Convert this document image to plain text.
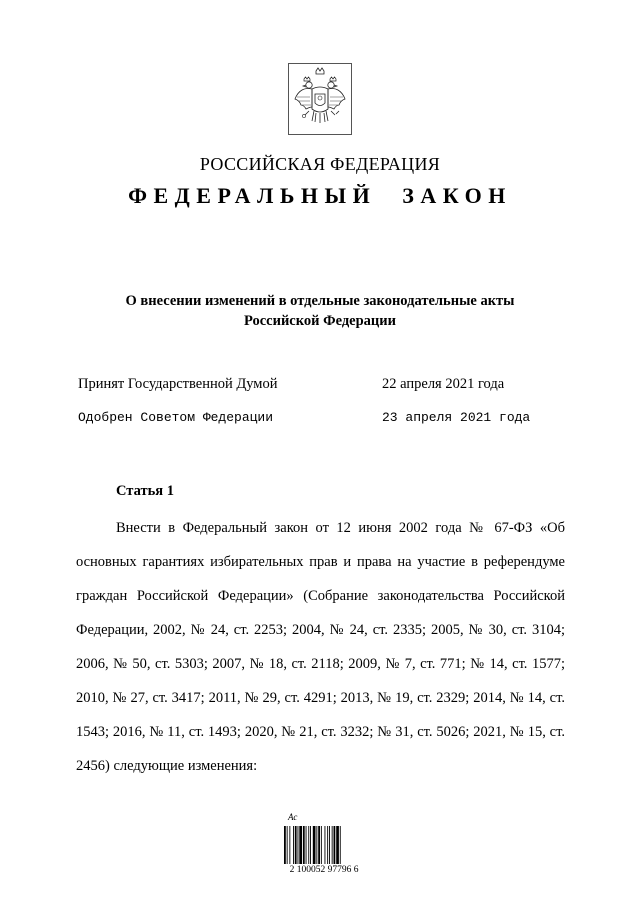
РОССИЙСКАЯ ФЕДЕРАЦИЯ
ФЕДЕРАЛЬНЫЙ ЗАКОН
О внесении изменений в отдельные законодательные акты
Российской Федерации
Принят Государственной Думой	22 апреля 2021 года
Одобрен Советом Федерации	23 апреля 2021 года
Статья 1

Внести в Федеральный закон от 12 июня 2002 года № 67-ФЗ «Об основных гарантиях избирательных прав и права на участие в референдуме граждан Российской Федерации» (Собрание законодательства Российской Федерации, 2002, № 24, ст. 2253; 2004, № 24, ст. 2335; 2005, № 30, ст. 3104; 2006, № 50, ст. 5303; 2007, № 18, ст. 2118; 2009, № 7, ст. 771; № 14, ст. 1577; 2010, № 27, ст. 3417; 2011, № 29, ст. 4291; 2013, № 19, ст. 2329; 2014, № 14, ст. 1543; 2016, № 11, ст. 1493; 2020, № 21, ст. 3232; № 31, ст. 5026; 2021, № 15, ст. 2456) следующие изменения:

Ас
2 100052 97796 6
